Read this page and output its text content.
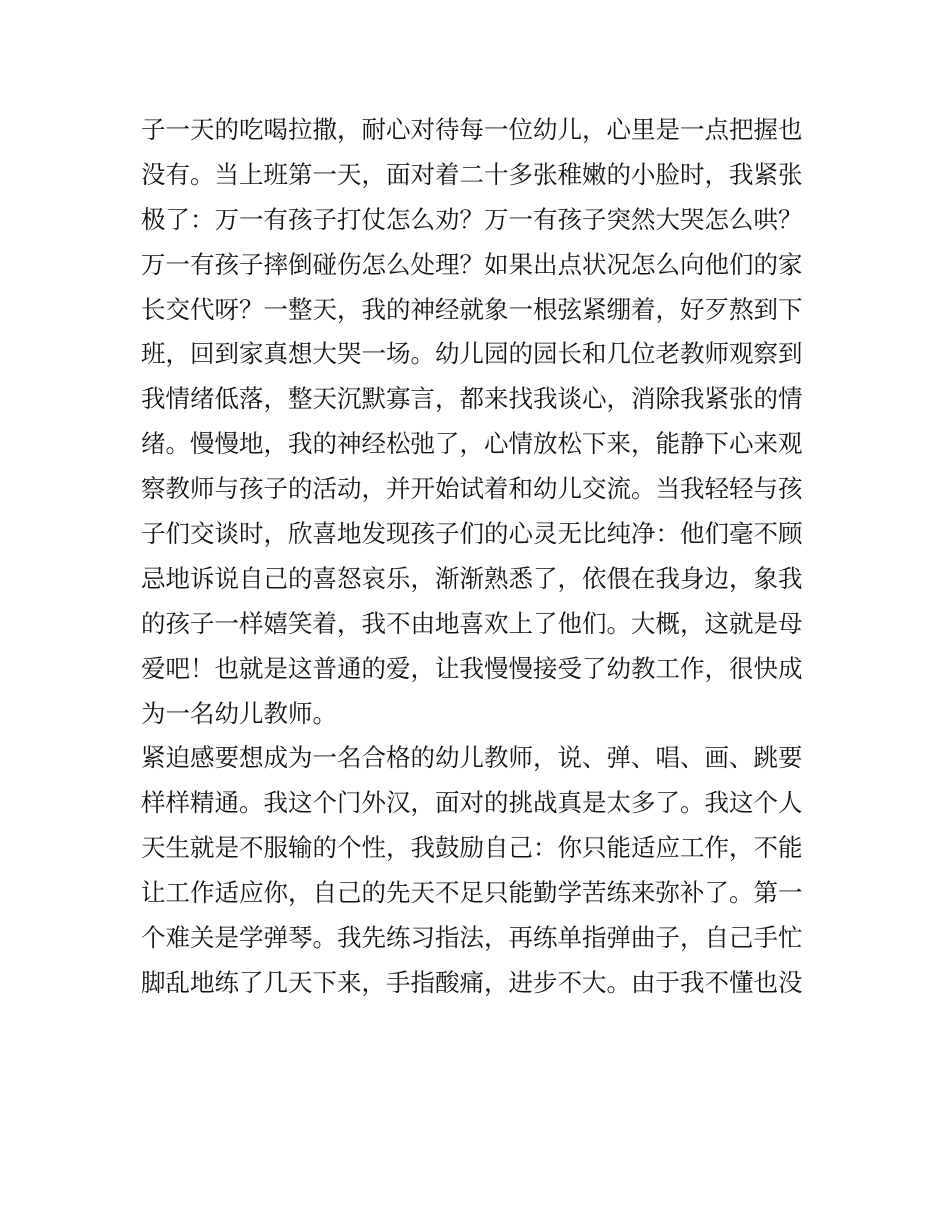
子一天的吃喝拉撒，耐心对待每一位幼儿，心里是一点把握也
没有。当上班第一天，面对着二十多张稚嫩的小脸时，我紧张
极了：万一有孩子打仗怎么劝？万一有孩子突然大哭怎么哄？
万一有孩子摔倒碰伤怎么处理？如果出点状况怎么向他们的家
长交代呀？一整天，我的神经就象一根弦紧绷着，好歹熬到下
班，回到家真想大哭一场。幼儿园的园长和几位老教师观察到
我情绪低落，整天沉默寡言，都来找我谈心，消除我紧张的情
绪。慢慢地，我的神经松弛了，心情放松下来，能静下心来观
察教师与孩子的活动，并开始试着和幼儿交流。当我轻轻与孩
子们交谈时，欣喜地发现孩子们的心灵无比纯净：他们毫不顾
忌地诉说自己的喜怒哀乐，渐渐熟悉了，依偎在我身边，象我
的孩子一样嬉笑着，我不由地喜欢上了他们。大概，这就是母
爱吧！也就是这普通的爱，让我慢慢接受了幼教工作，很快成
为一名幼儿教师。
紧迫感要想成为一名合格的幼儿教师，说、弹、唱、画、跳要
样样精通。我这个门外汉，面对的挑战真是太多了。我这个人
天生就是不服输的个性，我鼓励自己：你只能适应工作，不能
让工作适应你，自己的先天不足只能勤学苦练来弥补了。第一
个难关是学弹琴。我先练习指法，再练单指弹曲子，自己手忙
脚乱地练了几天下来，手指酸痛，进步不大。由于我不懂也没
